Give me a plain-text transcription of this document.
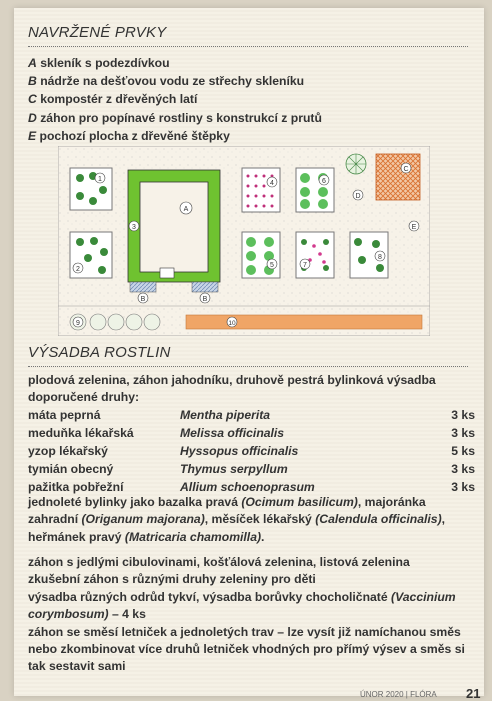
NAVRŽENÉ PRVKY
A skleník s podezdívkou
B nádrže na dešťovou vodu ze střechy skleníku
C kompostér z dřevěných latí
D záhon pro popínavé rostliny s konstrukcí z prutů
E pochozí plocha z dřevěné štěpky
1
2
A
3
B	B
4
5
6
7
D
8
C
E
9	10
VÝSADBA ROSTLIN
plodová zelenina, záhon jahodníku, druhově pestrá bylinková výsadba doporučené druhy:
máta peprná	Mentha piperita	3 ks
meduňka lékařská	Melissa officinalis	3 ks
yzop lékařský	Hyssopus officinalis	5 ks
tymián obecný	Thymus serpyllum	3 ks
pažitka pobřežní	Allium schoenoprasum	3 ks
jednoleté bylinky jako bazalka pravá (Ocimum basilicum), majoránka zahradní (Origanum majorana), měsíček lékařský (Calendula officinalis), heřmánek pravý (Matricaria chamomilla).
záhon s jedlými cibulovinami, košťálová zelenina, listová zelenina
zkušební záhon s různými druhy zeleniny pro děti
výsadba různých odrůd tykví, výsadba borůvky chocholičnaté (Vaccinium corymbosum) – 4 ks
záhon se směsí letniček a jednoletých trav – lze vysít již namíchanou směs nebo zkombinovat více druhů letniček vhodných pro přímý výsev a směs si tak sestavit sami
ÚNOR 2020 | FLÓRA 21
